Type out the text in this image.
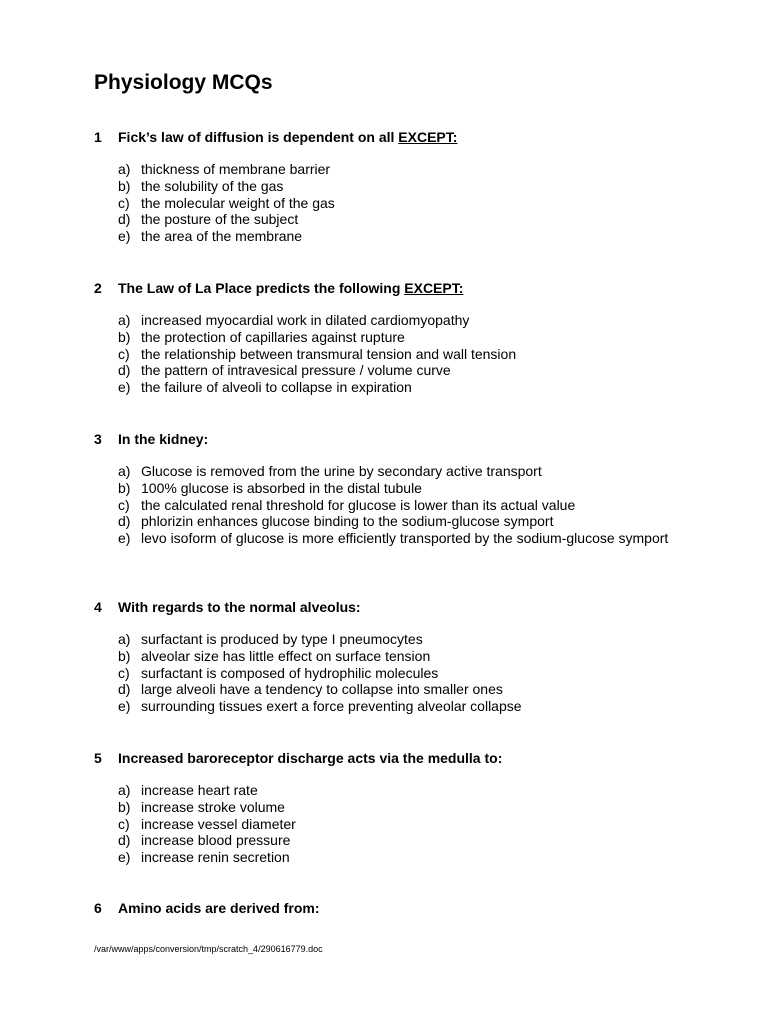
Physiology MCQs
1 Fick’s law of diffusion is dependent on all EXCEPT:
a) thickness of membrane barrier
b) the solubility of the gas
c) the molecular weight of the gas
d) the posture of the subject
e) the area of the membrane
2 The Law of La Place predicts the following EXCEPT:
a) increased myocardial work in dilated cardiomyopathy
b) the protection of capillaries against rupture
c) the relationship between transmural tension and wall tension
d) the pattern of intravesical pressure / volume curve
e) the failure of alveoli to collapse in expiration
3 In the kidney:
a) Glucose is removed from the urine by secondary active transport
b) 100% glucose is absorbed in the distal tubule
c) the calculated renal threshold for glucose is lower than its actual value
d) phlorizin enhances glucose binding to the sodium-glucose symport
e) levo isoform of glucose is more efficiently transported by the sodium-glucose symport
4 With regards to the normal alveolus:
a) surfactant is produced by type I pneumocytes
b) alveolar size has little effect on surface tension
c) surfactant is composed of hydrophilic molecules
d) large alveoli have a tendency to collapse into smaller ones
e) surrounding tissues exert a force preventing alveolar collapse
5 Increased baroreceptor discharge acts via the medulla to:
a) increase heart rate
b) increase stroke volume
c) increase vessel diameter
d) increase blood pressure
e) increase renin secretion
6 Amino acids are derived from:
/var/www/apps/conversion/tmp/scratch_4/290616779.doc
